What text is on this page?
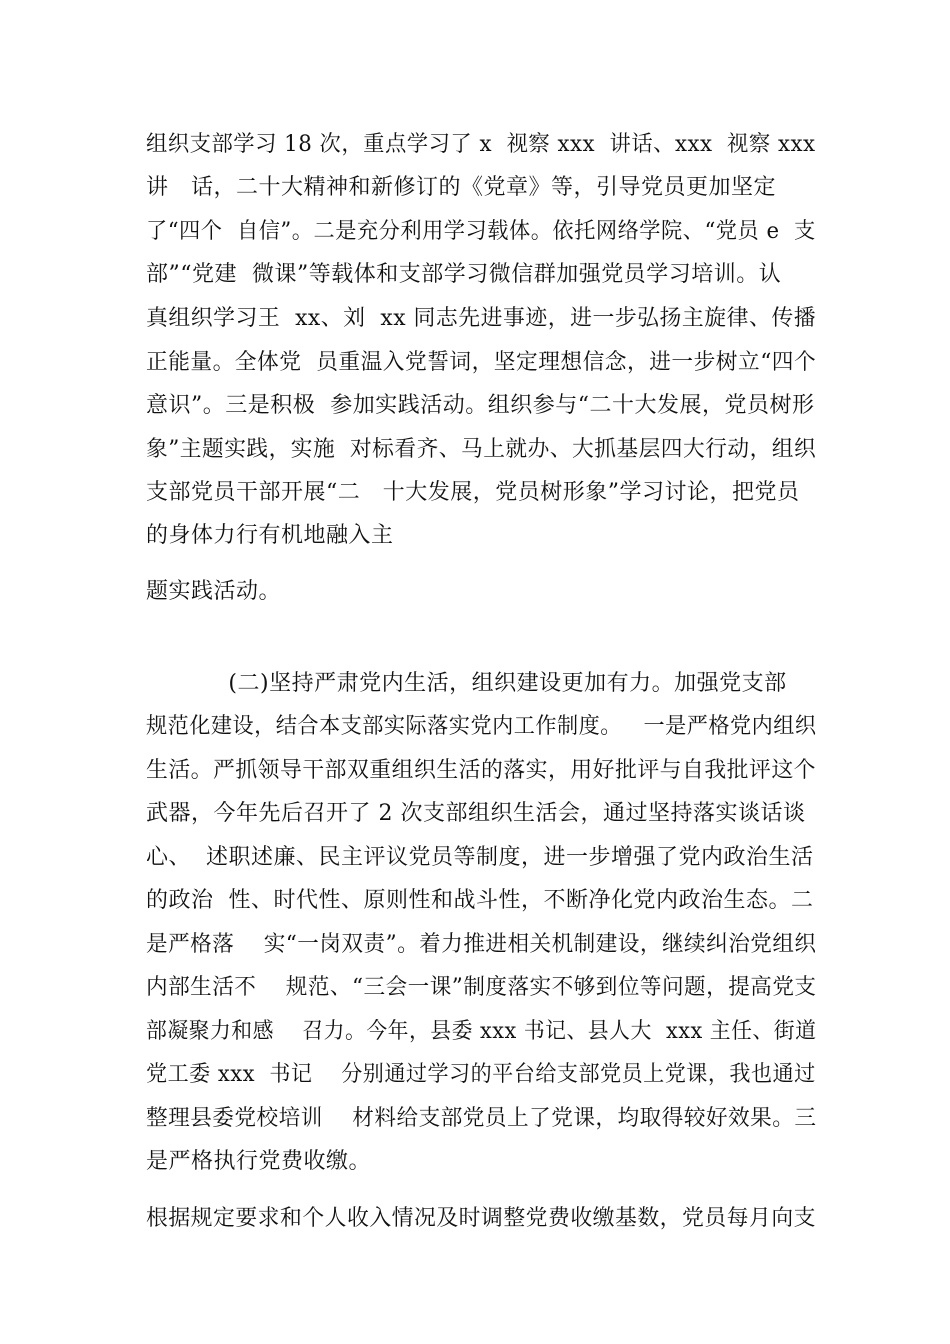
组织支部学习 18 次，重点学习了 x  视察 xxx  讲话、xxx  视察 xxx
讲   话，二十大精神和新修订的《党章》等，引导党员更加坚定
了“四个  自信”。二是充分利用学习载体。依托网络学院、“党员 e  支
部”“党建  微课”等载体和支部学习微信群加强党员学习培训。认
真组织学习王  xx、刘  xx 同志先进事迹，进一步弘扬主旋律、传播
正能量。全体党  员重温入党誓词，坚定理想信念，进一步树立“四个
意识”。三是积极  参加实践活动。组织参与“二十大发展，党员树形
象”主题实践，实施  对标看齐、马上就办、大抓基层四大行动，组织
支部党员干部开展“二   十大发展，党员树形象”学习讨论，把党员
的身体力行有机地融入主
题实践活动。
(二)坚持严肃党内生活，组织建设更加有力。加强党支部
规范化建设，结合本支部实际落实党内工作制度。   一是严格党内组织
生活。严抓领导干部双重组织生活的落实，用好批评与自我批评这个
武器，今年先后召开了 2 次支部组织生活会，通过坚持落实谈话谈
心、  述职述廉、民主评议党员等制度，进一步增强了党内政治生活
的政治  性、时代性、原则性和战斗性，不断净化党内政治生态。二
是严格落    实“一岗双责”。着力推进相关机制建设，继续纠治党组织
内部生活不    规范、“三会一课”制度落实不够到位等问题，提高党支
部凝聚力和感    召力。今年，县委 xxx 书记、县人大  xxx 主任、街道
党工委 xxx  书记    分别通过学习的平台给支部党员上党课，我也通过
整理县委党校培训    材料给支部党员上了党课，均取得较好效果。三
是严格执行党费收缴。
根据规定要求和个人收入情况及时调整党费收缴基数，党员每月向支
